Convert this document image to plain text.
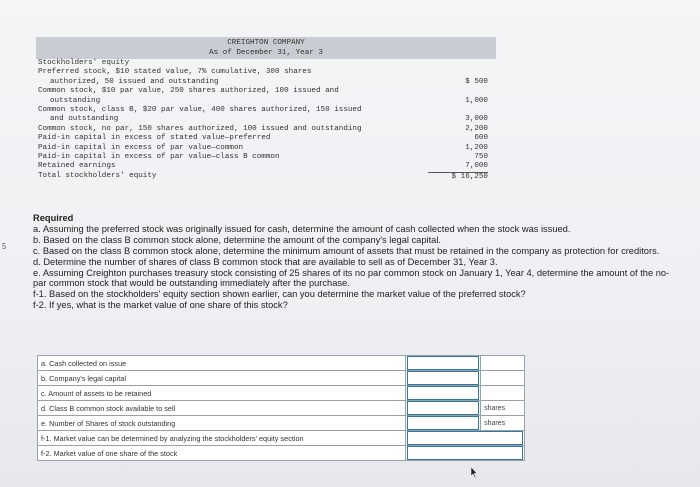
5
CREIGHTON COMPANY
As of December 31, Year 3
Stockholders' equity
Preferred stock, $10 stated value, 7% cumulative, 300 shares
authorized, 50 issued and outstanding	$ 500
Common stock, $10 par value, 250 shares authorized, 100 issued and
outstanding	1,000
Common stock, class B, $20 par value, 400 shares authorized, 150 issued
and outstanding	3,000
Common stock, no par, 150 shares authorized, 100 issued and outstanding	2,200
Paid-in capital in excess of stated value—preferred	600
Paid-in capital in excess of par value—common	1,200
Paid-in capital in excess of par value—class B common	750
Retained earnings	7,000
Total stockholders' equity	$ 16,250

Required

a. Assuming the preferred stock was originally issued for cash, determine the amount of cash collected when the stock was issued.

b. Based on the class B common stock alone, determine the amount of the company's legal capital.

c. Based on the class B common stock alone, determine the minimum amount of assets that must be retained in the company as protection for creditors.

d. Determine the number of shares of class B common stock that are available to sell as of December 31, Year 3.

e. Assuming Creighton purchases treasury stock consisting of 25 shares of its no par common stock on January 1, Year 4, determine the amount of the no-par common stock that would be outstanding immediately after the purchase.

f-1. Based on the stockholders' equity section shown earlier, can you determine the market value of the preferred stock?

f-2. If yes, what is the market value of one share of this stock?

a. Cash collected on issue	

b. Company's legal capital	

c. Amount of assets to be retained	

d. Class B common stock available to sell		shares
e. Number of Shares of stock outstanding		shares
f-1. Market value can be determined by analyzing the stockholders' equity section		

f-2. Market value of one share of the stock		
